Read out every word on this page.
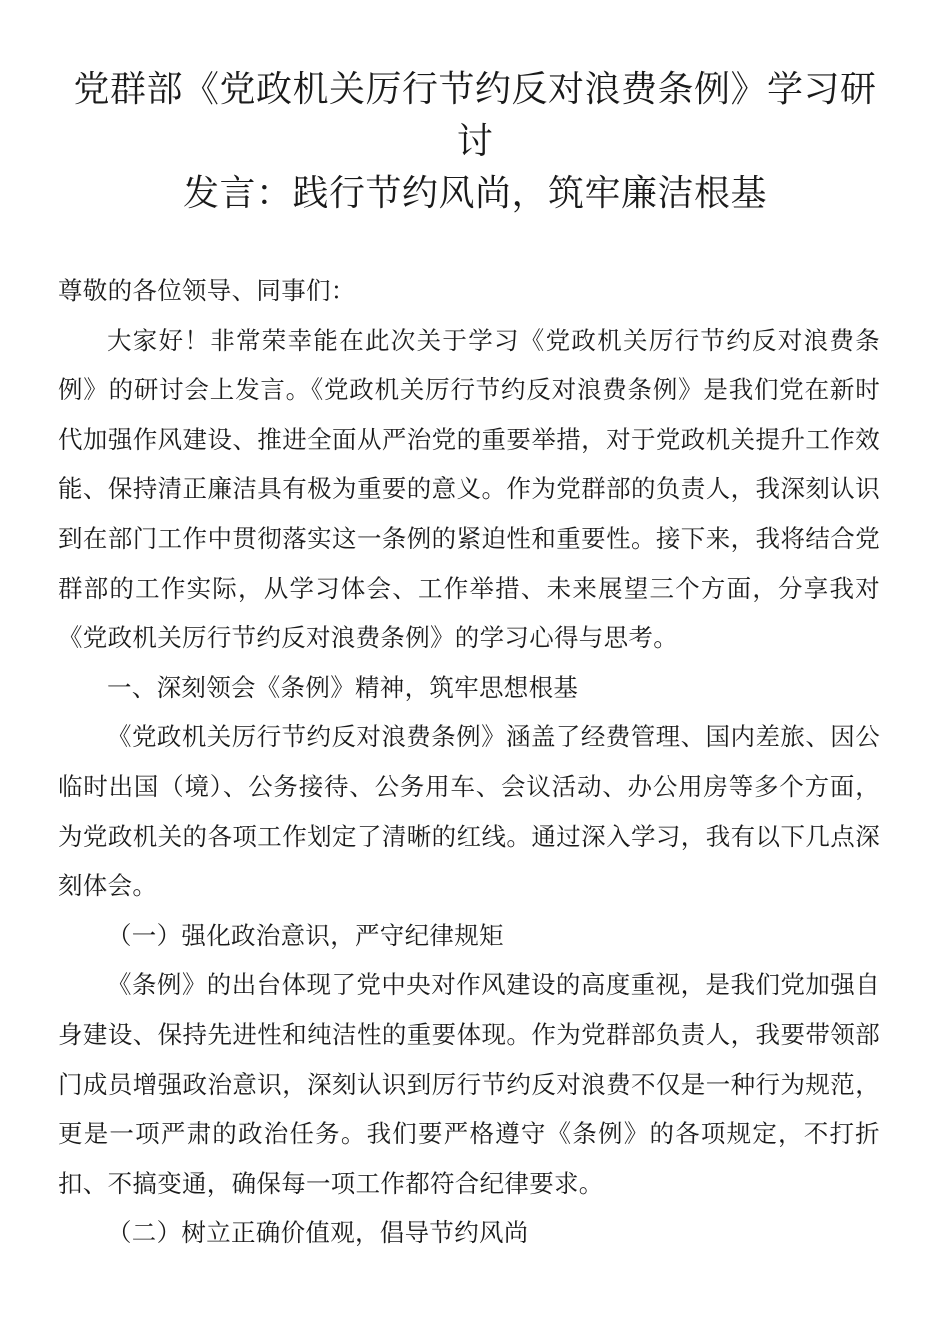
党群部《党政机关厉行节约反对浪费条例》学习研讨
发言：践行节约风尚，筑牢廉洁根基

尊敬的各位领导、同事们：

大家好！非常荣幸能在此次关于学习《党政机关厉行节约反对浪费条例》的研讨会上发言。《党政机关厉行节约反对浪费条例》是我们党在新时代加强作风建设、推进全面从严治党的重要举措，对于党政机关提升工作效能、保持清正廉洁具有极为重要的意义。作为党群部的负责人，我深刻认识到在部门工作中贯彻落实这一条例的紧迫性和重要性。接下来，我将结合党群部的工作实际，从学习体会、工作举措、未来展望三个方面，分享我对《党政机关厉行节约反对浪费条例》的学习心得与思考。

一、深刻领会《条例》精神，筑牢思想根基

《党政机关厉行节约反对浪费条例》涵盖了经费管理、国内差旅、因公临时出国（境）、公务接待、公务用车、会议活动、办公用房等多个方面，为党政机关的各项工作划定了清晰的红线。通过深入学习，我有以下几点深刻体会。

（一）强化政治意识，严守纪律规矩

《条例》的出台体现了党中央对作风建设的高度重视，是我们党加强自身建设、保持先进性和纯洁性的重要体现。作为党群部负责人，我要带领部门成员增强政治意识，深刻认识到厉行节约反对浪费不仅是一种行为规范，更是一项严肃的政治任务。我们要严格遵守《条例》的各项规定，不打折扣、不搞变通，确保每一项工作都符合纪律要求。

（二）树立正确价值观，倡导节约风尚
